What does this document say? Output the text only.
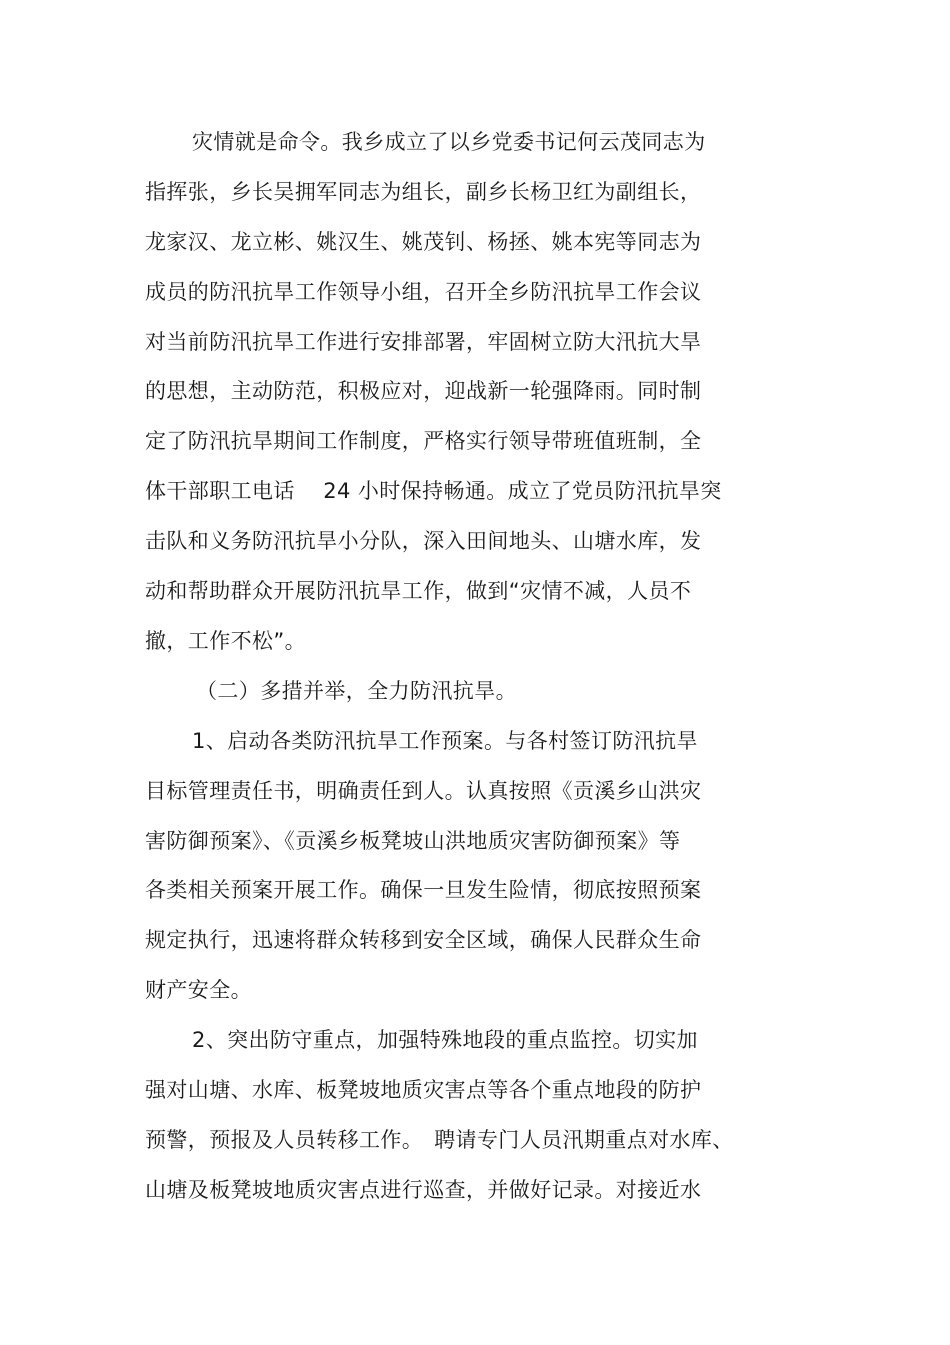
灾情就是命令。我乡成立了以乡党委书记何云茂同志为
指挥张，乡长吴拥军同志为组长，副乡长杨卫红为副组长，
龙家汉、龙立彬、姚汉生、姚茂钊、杨拯、姚本宪等同志为
成员的防汛抗旱工作领导小组，召开全乡防汛抗旱工作会议
对当前防汛抗旱工作进行安排部署，牢固树立防大汛抗大旱
的思想，主动防范，积极应对，迎战新一轮强降雨。同时制
定了防汛抗旱期间工作制度，严格实行领导带班值班制，全
体干部职工电话　 24 小时保持畅通。成立了党员防汛抗旱突
击队和义务防汛抗旱小分队，深入田间地头、山塘水库，发
动和帮助群众开展防汛抗旱工作，做到“灾情不减，人员不
撤，工作不松”。
（二）多措并举，全力防汛抗旱。
1、启动各类防汛抗旱工作预案。与各村签订防汛抗旱
目标管理责任书，明确责任到人。认真按照《贡溪乡山洪灾
害防御预案》、《贡溪乡板凳坡山洪地质灾害防御预案》等
各类相关预案开展工作。确保一旦发生险情，彻底按照预案
规定执行，迅速将群众转移到安全区域，确保人民群众生命
财产安全。
2、突出防守重点，加强特殊地段的重点监控。切实加
强对山塘、水库、板凳坡地质灾害点等各个重点地段的防护
预警，预报及人员转移工作。　聘请专门人员汛期重点对水库、
山塘及板凳坡地质灾害点进行巡查，并做好记录。对接近水
